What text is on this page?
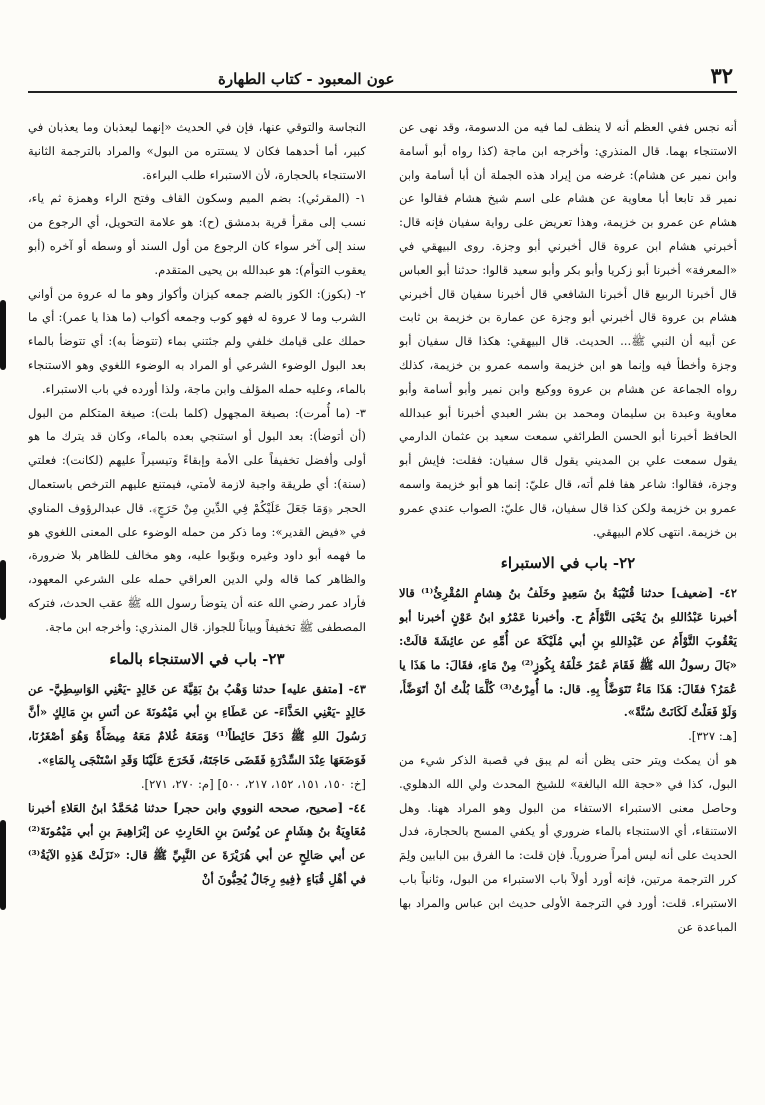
٣٢
عون المعبود - كتاب الطهارة

أنه نجس ففي العظم أنه لا ينظف لما فيه من الدسومة، وقد نهى عن الاستنجاء بهما. قال المنذري: وأخرجه ابن ماجة (كذا رواه أبو أسامة وابن نمير عن هشام): غرضه من إيراد هذه الجملة أن أبا أسامة وابن نمير قد تابعا أبا معاوية عن هشام على اسم شيخ هشام فقالوا عن هشام عن عمرو بن خزيمة، وهذا تعريض على رواية سفيان فإنه قال: أخبرني هشام ابن عروة قال أخبرني أبو وجزة. روى البيهقي في «المعرفة» أخبرنا أبو زكريا وأبو بكر وأبو سعيد قالوا: حدثنا أبو العباس قال أخبرنا الربيع قال أخبرنا الشافعي قال أخبرنا سفيان قال أخبرني هشام بن عروة قال أخبرني أبو وجزة عن عمارة بن خزيمة بن ثابت عن أبيه أن النبي ﷺ... الحديث. قال البيهقي: هكذا قال سفيان أبو وجزة وأخطأ فيه وإنما هو ابن خزيمة واسمه عمرو بن خزيمة، كذلك رواه الجماعة عن هشام بن عروة ووكيع وابن نمير وأبو أسامة وأبو معاوية وعبدة بن سليمان ومحمد بن بشر العبدي أخبرنا أبو عبدالله الحافظ أخبرنا أبو الحسن الطرائفي سمعت سعيد بن عثمان الدارمي يقول سمعت علي بن المديني يقول قال سفيان: فقلت: فإيش أبو وجزة، فقالوا: شاعر هفا فلم أته، قال عليّ: إنما هو أبو خزيمة واسمه عمرو بن خزيمة ولكن كذا قال سفيان، قال عليّ: الصواب عندي عمرو بن خزيمة. انتهى كلام البيهقي.

٢٢- باب في الاستبراء

٤٢- [ضعيف] حدثنا قُتَيْبَةُ بنُ سَعِيدٍ وخَلَفُ بنُ هِشامٍ المُقْرِئُ⁽¹⁾ قالا أخبرنا عَبْدُاللهِ بنُ يَحْيَى التَّوْأَمُ ح. وأخبرنا عَمْرُو ابنُ عَوْنٍ أخبرنا أبو يَعْقُوبَ التَّوْأَمُ عن عَبْدِاللهِ بنِ أبي مُلَيْكَةَ عن أُمِّهِ عن عائِشَةَ قالَتْ: «بَالَ رسولُ الله ﷺ فَقَامَ عُمَرُ خَلْفَهُ بِكُوزٍ⁽²⁾ مِنْ مَاءٍ، فقَالَ: ما هَذَا يا عُمَرُ؟ فقَالَ: هَذَا مَاءٌ تَتَوَضَّأُ بِهِ. قال: ما أُمِرْتُ⁽³⁾ كُلَّمَا بُلْتُ أنْ أتَوَضَّأَ، وَلَوْ فَعَلْتُ لَكَانَتْ سُنَّةً».

[هـ: ٣٢٧].

هو أن يمكث ويتر حتى يظن أنه لم يبق في قصبة الذكر شيء من البول، كذا في «حجة الله البالغة» للشيخ المحدث ولي الله الدهلوي. وحاصل معنى الاستبراء الاستفاء من البول وهو المراد ههنا. وهل الاستنقاء، أي الاستنجاء بالماء ضروري أو يكفي المسح بالحجارة، فدل الحديث على أنه ليس أمراً ضرورياً. فإن قلت: ما الفرق بين البابين ولِمَ كرر الترجمة مرتين، فإنه أورد أولاً باب الاستبراء من البول، وثانياً باب الاستبراء. قلت: أورد في الترجمة الأولى حديث ابن عباس والمراد بها المباعدة عن

النجاسة والتوقي عنها، فإن في الحديث «إنهما ليعذبان وما يعذبان في كبير، أما أحدهما فكان لا يستتره من البول» والمراد بالترجمة الثانية الاستنجاء بالحجارة، لأن الاستبراء طلب البراءة.

١- (المقرئي): بضم الميم وسكون القاف وفتح الراء وهمزة ثم ياء، نسب إلى مقرأ قرية بدمشق (ح): هو علامة التحويل، أي الرجوع من سند إلى آخر سواء كان الرجوع من أول السند أو وسطه أو آخره (أبو يعقوب التوأم): هو عبدالله بن يحيى المتقدم.

٢- (بكوز): الكوز بالضم جمعه كيزان وأكواز وهو ما له عروة من أواني الشرب وما لا عروة له فهو كوب وجمعه أكواب (ما هذا يا عمر): أي ما حملك على قيامك خلفي ولم جئتني بماء (تتوضأ به): أي تتوضأ بالماء بعد البول الوضوء الشرعي أو المراد به الوضوء اللغوي وهو الاستنجاء بالماء، وعليه حمله المؤلف وابن ماجة، ولذا أورده في باب الاستبراء.

٣- (ما أُمرت): بصيغة المجهول (كلما بلت): صيغة المتكلم من البول (أن أتوضأ): بعد البول أو استنجي بعده بالماء، وكان قد يترك ما هو أولى وأفضل تخفيفاً على الأمة وإبقاءً وتيسيراً عليهم (لكانت): فعلتي (سنة): أي طريقة واجبة لازمة لأمتي، فيمتنع عليهم الترخص باستعمال الحجر ﴿وَمَا جَعَلَ عَلَيْكُمْ فِي الدِّينِ مِنْ حَرَجٍ﴾. قال عبدالرؤوف المناوي في «فيض القدير»: وما ذكر من حمله الوضوء على المعنى اللغوي هو ما فهمه أبو داود وغيره وبوّبوا عليه، وهو مخالف للظاهر بلا ضرورة، والظاهر كما قاله ولي الدين العراقي حمله على الشرعي المعهود، فأراد عمر رضي الله عنه أن يتوضأ رسول الله ﷺ عقب الحدث، فتركه المصطفى ﷺ تخفيفاً وبياناً للجواز. قال المنذري: وأخرجه ابن ماجة.

٢٣- باب في الاستنجاء بالماء

٤٣- [متفق عليه] حدثنا وَهْبُ بنُ بَقِيَّةَ عن خَالِدٍ -يَعْنِي الوَاسِطِيَّ- عن خَالِدٍ -يَعْنِي الحَذَّاءَ- عن عَطَاءِ بنِ أبي مَيْمُونَةَ عن أنَسِ بنِ مَالِكٍ «أنَّ رَسُولَ اللهِ ﷺ دَخَلَ حَائِطاً⁽¹⁾ وَمَعَهُ غُلامٌ مَعَهُ مِيضَأَةٌ وَهُوَ أصْغَرُنَا، فَوَضَعَهَا عِنْدَ السِّدْرَةِ فَقَضَى حَاجَتَهُ، فَخَرَجَ عَلَيْنَا وَقَدِ اسْتَنْجَى بِالمَاءِ».

[خ: ١٥٠، ١٥١، ١٥٢، ٢١٧، ٥٠٠] [م: ٢٧٠، ٢٧١].

٤٤- [صحيح، صححه النووي وابن حجر] حدثنا مُحَمَّدُ ابنُ العَلاءِ أخبرنا مُعَاوِيَةُ بنُ هِشَامٍ عن يُونُسَ بنِ الحَارِثِ عن إبْرَاهِيمَ بنِ أبي مَيْمُونَةَ⁽²⁾ عن أبي صَالِحٍ عن أبي هُرَيْرَةَ عن النَّبِيِّ ﷺ قال: «نَزَلَتْ هَذِهِ الآيَةُ⁽³⁾ في أهْلِ قُبَاءٍ ﴿فِيهِ رِجَالٌ يُحِبُّونَ أنْ
